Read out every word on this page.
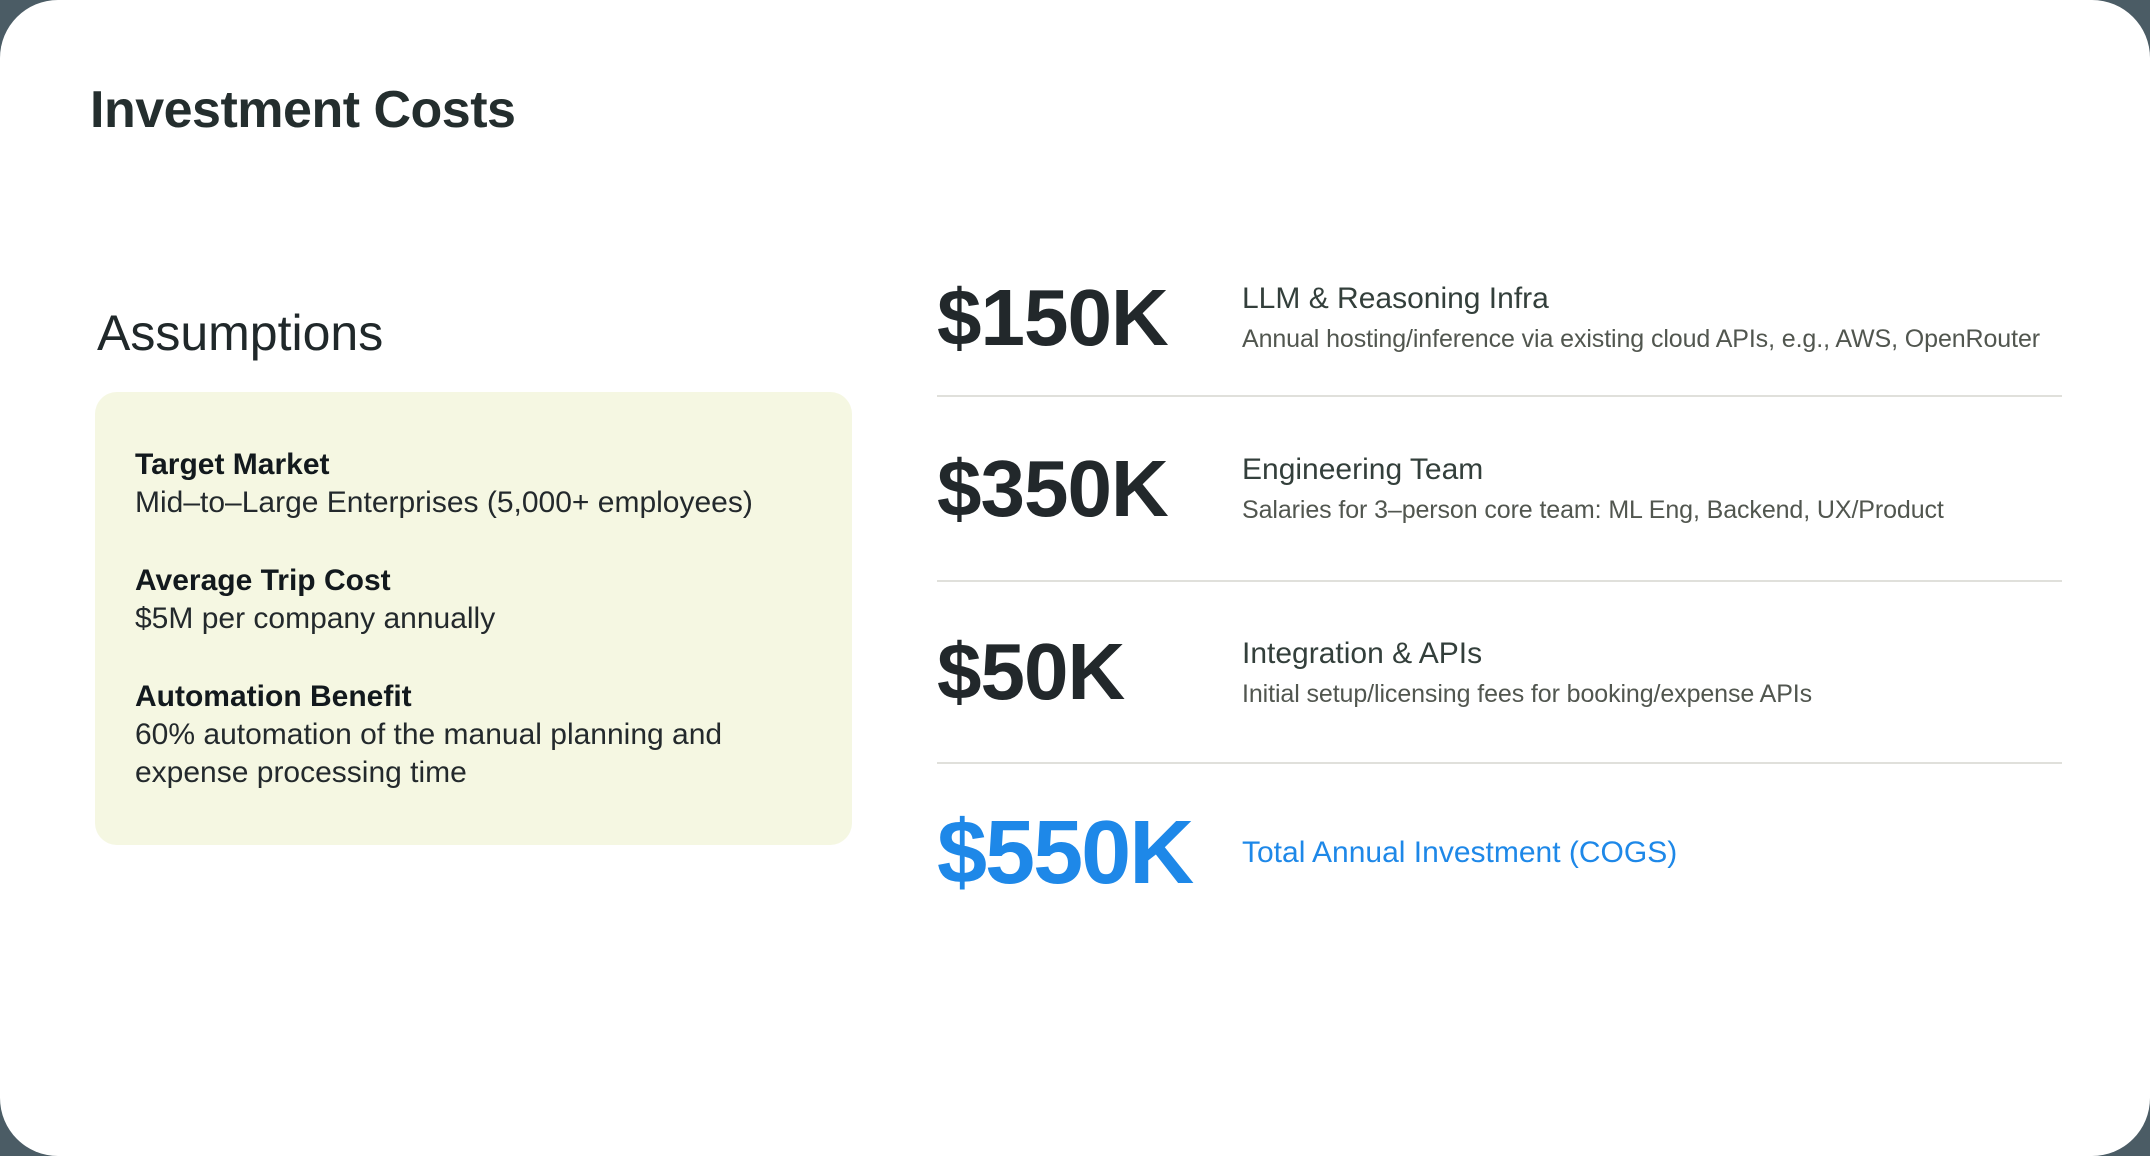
Investment Costs
Assumptions
Target Market
Mid–to–Large Enterprises (5,000+ employees)
Average Trip Cost
$5M per company annually
Automation Benefit
60% automation of the manual planning and expense processing time
$150K	LLM & Reasoning Infra
Annual hosting/inference via existing cloud APIs, e.g., AWS, OpenRouter
$350K	Engineering Team
Salaries for 3–person core team: ML Eng, Backend, UX/Product
$50K	Integration & APIs
Initial setup/licensing fees for booking/expense APIs
$550K	Total Annual Investment (COGS)
